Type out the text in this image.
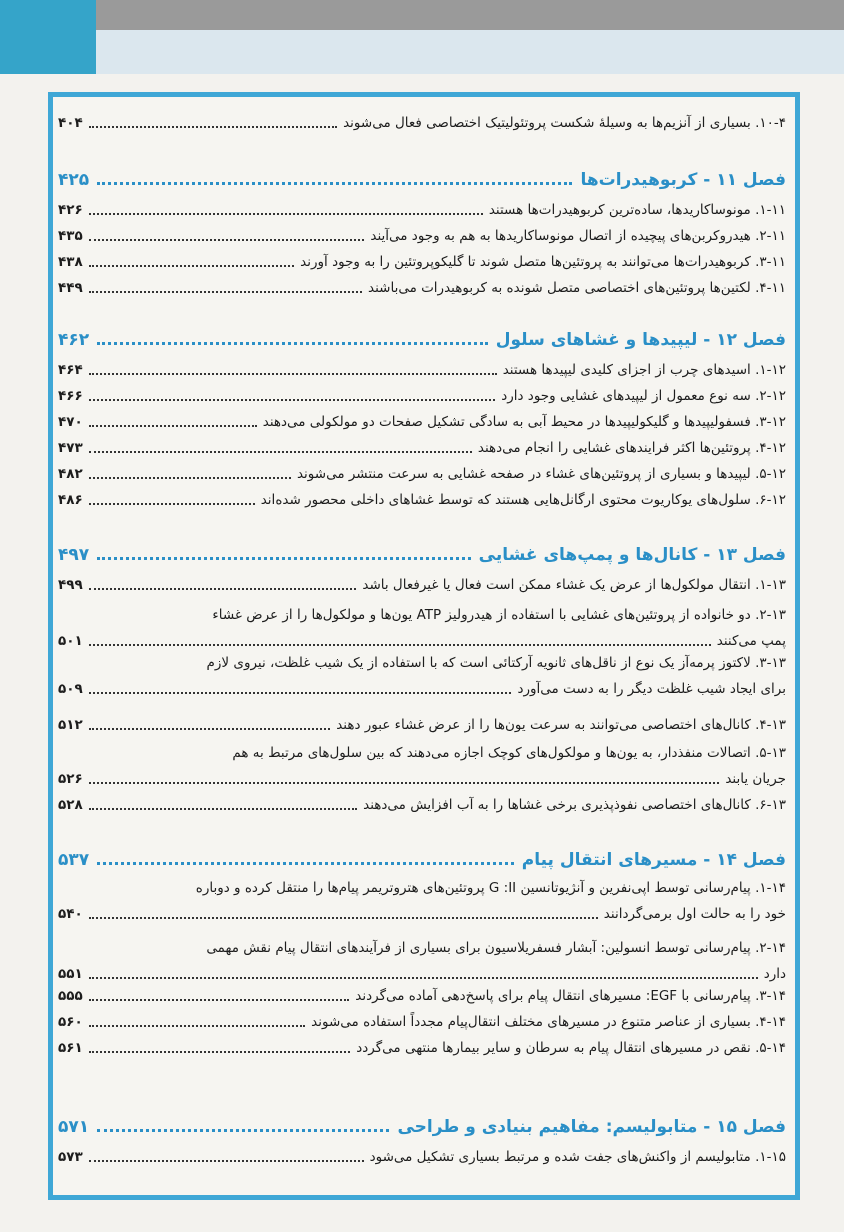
۱۰-۴. بسیاری از آنزیم‌ها به وسیلهٔ شکست پروتئولیتیک اختصاصی فعال می‌شوند
۴۰۴
فصل ۱۱ - کربوهیدرات‌ها
۴۲۵
۱-۱۱. مونوساکاریدها، ساده‌ترین کربوهیدرات‌ها هستند
۴۲۶
۲-۱۱. هیدروکربن‌های پیچیده از اتصال مونوساکاریدها به هم به وجود می‌آیند
۴۳۵
۳-۱۱. کربوهیدرات‌ها می‌توانند به پروتئین‌ها متصل شوند تا گلیکوپروتئین را به وجود آورند
۴۳۸
۴-۱۱. لکتین‌ها پروتئین‌های اختصاصی متصل شونده به کربوهیدرات می‌باشند
۴۴۹
فصل ۱۲ - لیپیدها و غشاهای سلول
۴۶۲
۱-۱۲. اسیدهای چرب از اجزای کلیدی لیپیدها هستند
۴۶۴
۲-۱۲. سه نوع معمول از لیپیدهای غشایی وجود دارد
۴۶۶
۳-۱۲. فسفولیپیدها و گلیکولیپیدها در محیط آبی به سادگی تشکیل صفحات دو مولکولی می‌دهند
۴۷۰
۴-۱۲. پروتئین‌ها اکثر فرایندهای غشایی را انجام می‌دهند
۴۷۳
۵-۱۲. لیپیدها و بسیاری از پروتئین‌های غشاء در صفحه غشایی به سرعت منتشر می‌شوند
۴۸۲
۶-۱۲. سلول‌های یوکاریوت محتوی ارگانل‌هایی هستند که توسط غشاهای داخلی محصور شده‌اند
۴۸۶
فصل ۱۳ - کانال‌ها و پمپ‌های غشایی
۴۹۷
۱-۱۳. انتقال مولکول‌ها از عرض یک غشاء ممکن است فعال یا غیرفعال باشد
۴۹۹
۲-۱۳. دو خانواده از پروتئین‌های غشایی با استفاده از هیدرولیز ATP یون‌ها و مولکول‌ها را از عرض غشاء
پمپ می‌کنند
۵۰۱
۳-۱۳. لاکتوز پرمه‌آز یک نوع از ناقل‌های ثانویه آرکتائی است که با استفاده از یک شیب غلظت، نیروی لازم
برای ایجاد شیب غلظت دیگر را به دست می‌آورد
۵۰۹
۴-۱۳. کانال‌های اختصاصی می‌توانند به سرعت یون‌ها را از عرض غشاء عبور دهند
۵۱۲
۵-۱۳. اتصالات منفذدار، به یون‌ها و مولکول‌های کوچک اجازه می‌دهند که بین سلول‌های مرتبط به هم
جریان یابند
۵۲۶
۶-۱۳. کانال‌های اختصاصی نفوذپذیری برخی غشاها را به آب افزایش می‌دهند
۵۲۸
فصل ۱۴ - مسیرهای انتقال پیام
۵۳۷
۱-۱۴. پیام‌رسانی توسط اپی‌نفرین و آنژیوتانسین G :II پروتئین‌های هتروتریمر پیام‌ها را منتقل کرده و دوباره
خود را به حالت اول برمی‌گردانند
۵۴۰
۲-۱۴. پیام‌رسانی توسط انسولین: آبشار فسفریلاسیون برای بسیاری از فرآیندهای انتقال پیام نقش مهمی
دارد
۵۵۱
۳-۱۴. پیام‌رسانی با EGF: مسیرهای انتقال پیام برای پاسخ‌دهی آماده می‌گردند
۵۵۵
۴-۱۴. بسیاری از عناصر متنوع در مسیرهای مختلف انتقال‌پیام مجدداً استفاده می‌شوند
۵۶۰
۵-۱۴. نقص در مسیرهای انتقال پیام به سرطان و سایر بیمارها منتهی می‌گردد
۵۶۱
فصل ۱۵ - متابولیسم: مفاهیم بنیادی و طراحی
۵۷۱
۱-۱۵. متابولیسم از واکنش‌های جفت شده و مرتبط بسیاری تشکیل می‌شود
۵۷۳
